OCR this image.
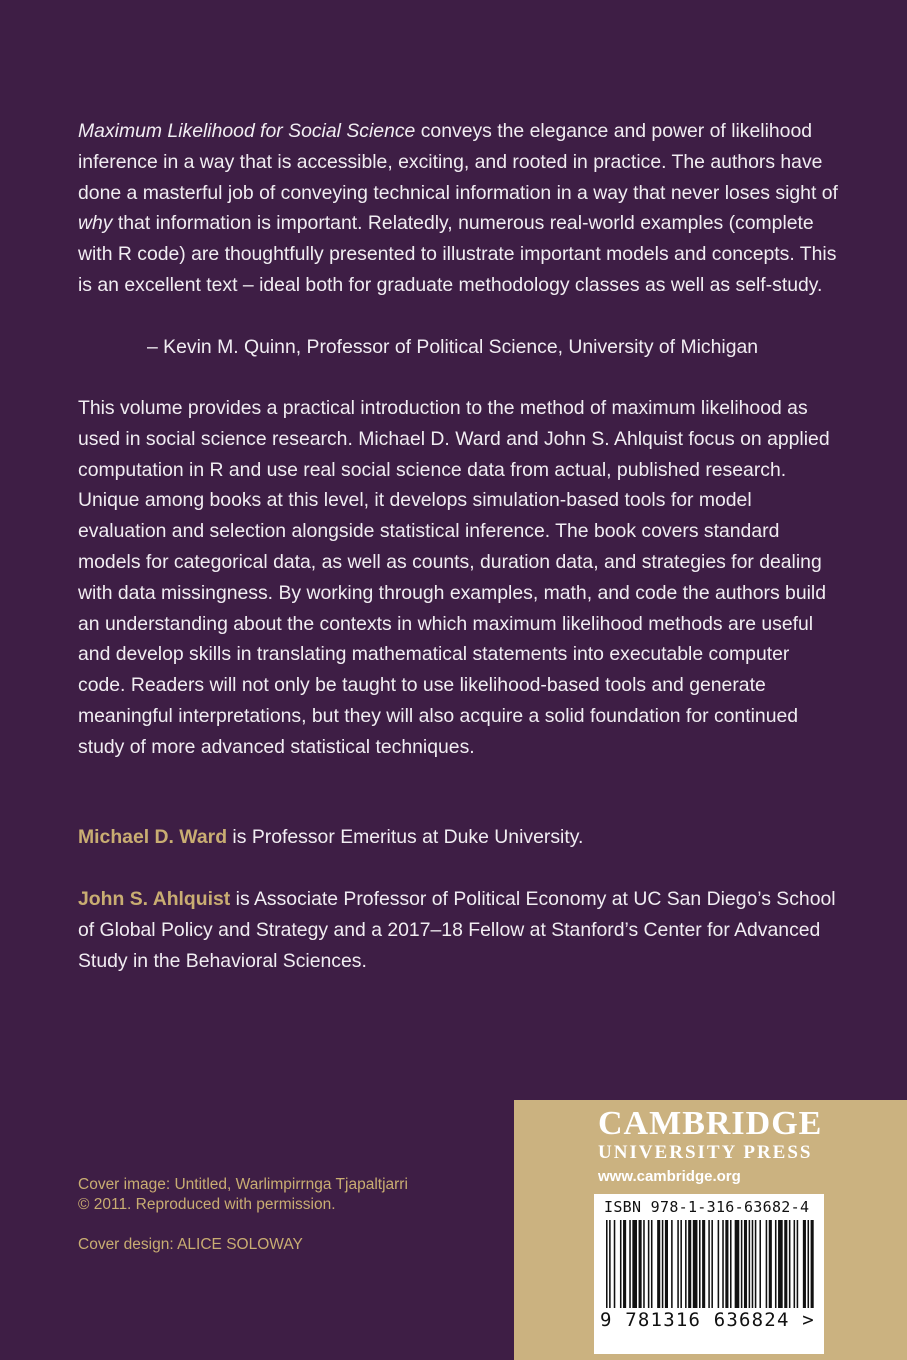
Maximum Likelihood for Social Science conveys the elegance and power of likelihood inference in a way that is accessible, exciting, and rooted in practice. The authors have done a masterful job of conveying technical information in a way that never loses sight of why that information is important. Relatedly, numerous real-world examples (complete with R code) are thoughtfully presented to illustrate important models and concepts. This is an excellent text – ideal both for graduate methodology classes as well as self-study.
– Kevin M. Quinn, Professor of Political Science, University of Michigan
This volume provides a practical introduction to the method of maximum likelihood as used in social science research. Michael D. Ward and John S. Ahlquist focus on applied computation in R and use real social science data from actual, published research. Unique among books at this level, it develops simulation-based tools for model evaluation and selection alongside statistical inference. The book covers standard models for categorical data, as well as counts, duration data, and strategies for dealing with data missingness. By working through examples, math, and code the authors build an understanding about the contexts in which maximum likelihood methods are useful and develop skills in translating mathematical statements into executable computer code. Readers will not only be taught to use likelihood-based tools and generate meaningful interpretations, but they will also acquire a solid foundation for continued study of more advanced statistical techniques.
Michael D. Ward is Professor Emeritus at Duke University.
John S. Ahlquist is Associate Professor of Political Economy at UC San Diego’s School of Global Policy and Strategy and a 2017–18 Fellow at Stanford’s Center for Advanced Study in the Behavioral Sciences.
Cover image: Untitled, Warlimpirrnga Tjapaltjarri
© 2011. Reproduced with permission.
Cover design: ALICE SOLOWAY
CAMBRIDGE
UNIVERSITY PRESS
www.cambridge.org
ISBN 978-1-316-63682-4
9 781316 636824 >
